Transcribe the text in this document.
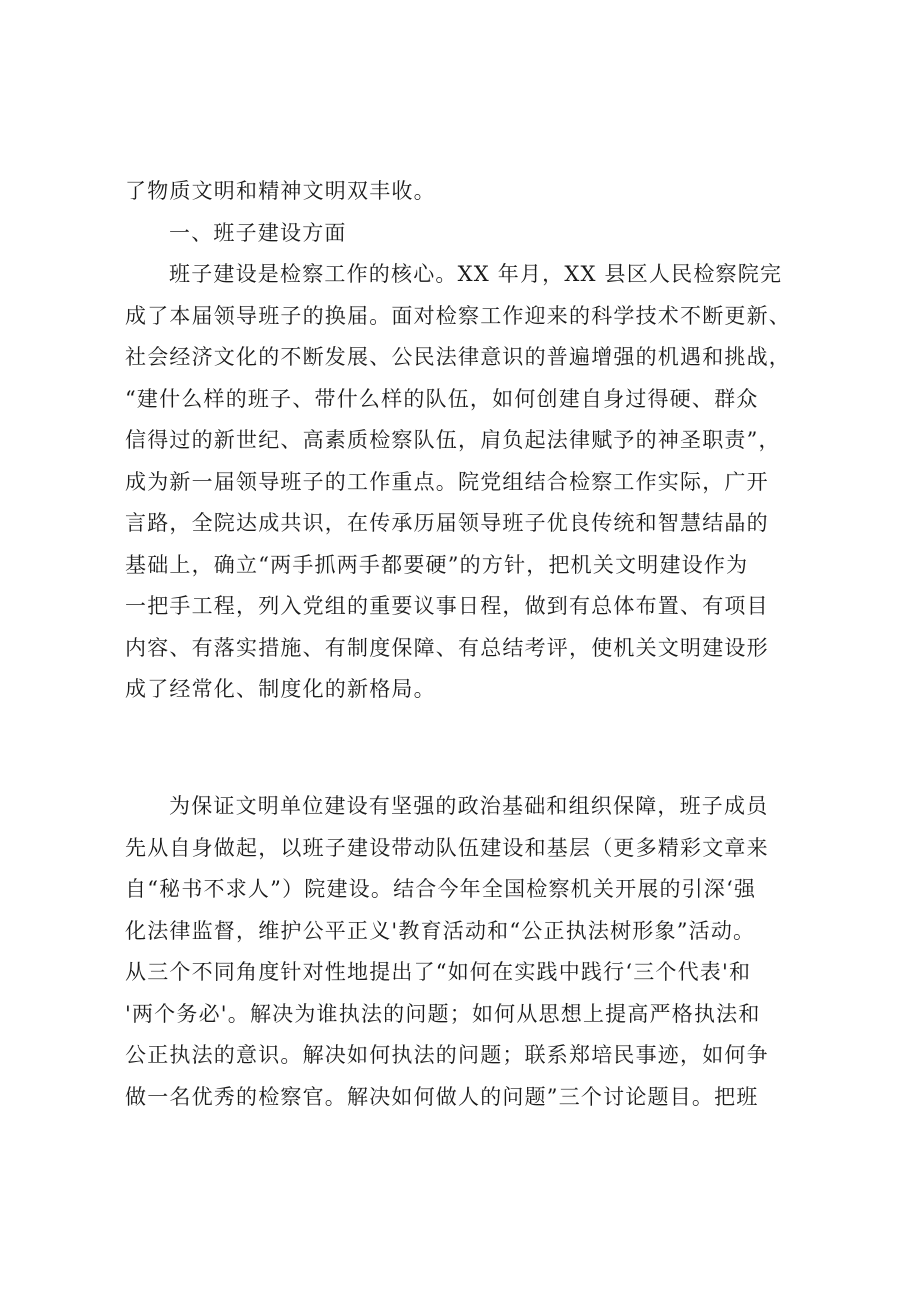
了物质文明和精神文明双丰收。
一、班子建设方面
班子建设是检察工作的核心。XX 年月，XX 县区人民检察院完
成了本届领导班子的换届。面对检察工作迎来的科学技术不断更新、
社会经济文化的不断发展、公民法律意识的普遍增强的机遇和挑战，
“建什么样的班子、带什么样的队伍，如何创建自身过得硬、群众
信得过的新世纪、高素质检察队伍，肩负起法律赋予的神圣职责”，
成为新一届领导班子的工作重点。院党组结合检察工作实际，广开
言路，全院达成共识，在传承历届领导班子优良传统和智慧结晶的
基础上，确立“两手抓两手都要硬”的方针，把机关文明建设作为
一把手工程，列入党组的重要议事日程，做到有总体布置、有项目
内容、有落实措施、有制度保障、有总结考评，使机关文明建设形
成了经常化、制度化的新格局。
为保证文明单位建设有坚强的政治基础和组织保障，班子成员
先从自身做起，以班子建设带动队伍建设和基层（更多精彩文章来
自“秘书不求人”）院建设。结合今年全国检察机关开展的引深‘强
化法律监督，维护公平正义'教育活动和“公正执法树形象”活动。
从三个不同角度针对性地提出了“如何在实践中践行‘三个代表'和
'两个务必'。解决为谁执法的问题；如何从思想上提高严格执法和
公正执法的意识。解决如何执法的问题；联系郑培民事迹，如何争
做一名优秀的检察官。解决如何做人的问题”三个讨论题目。把班
